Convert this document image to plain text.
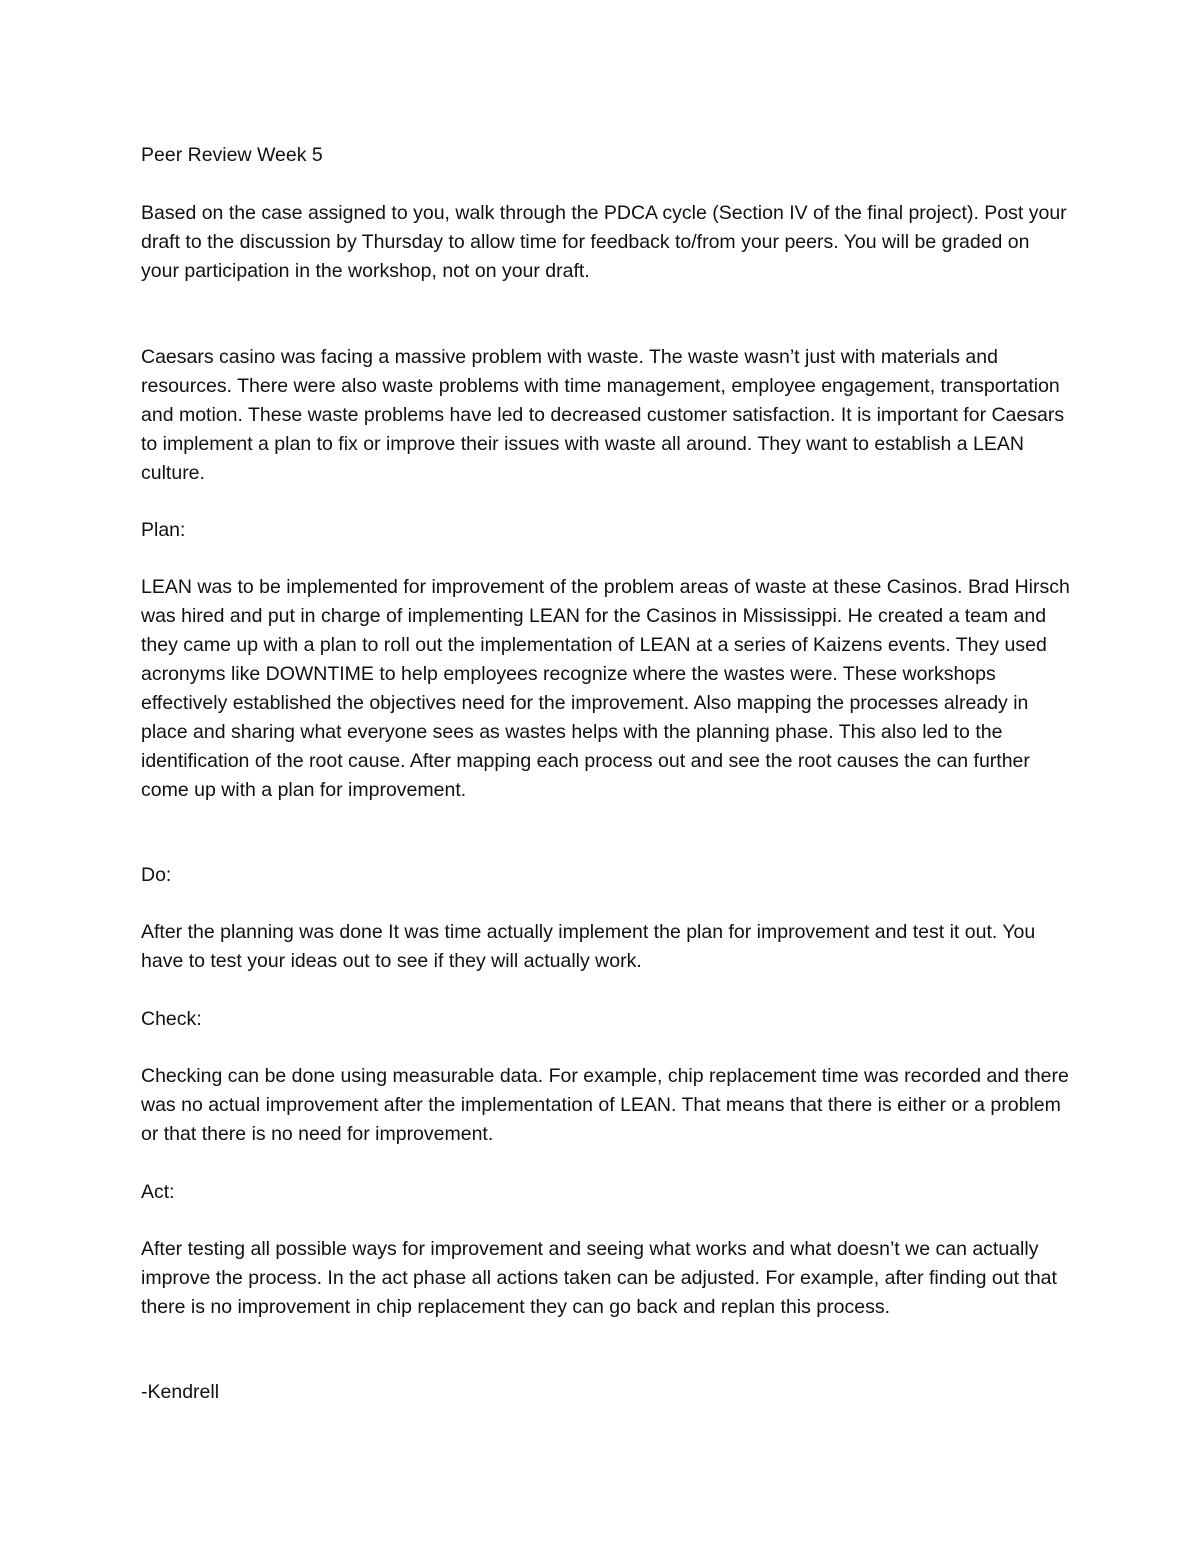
Peer Review Week 5

Based on the case assigned to you, walk through the PDCA cycle (Section IV of the final project). Post your draft to the discussion by Thursday to allow time for feedback to/from your peers. You will be graded on your participation in the workshop, not on your draft.

Caesars casino was facing a massive problem with waste. The waste wasn’t just with materials and resources. There were also waste problems with time management, employee engagement, transportation and motion. These waste problems have led to decreased customer satisfaction. It is important for Caesars to implement a plan to fix or improve their issues with waste all around. They want to establish a LEAN culture.

Plan:

LEAN was to be implemented for improvement of the problem areas of waste at these Casinos. Brad Hirsch was hired and put in charge of implementing LEAN for the Casinos in Mississippi. He created a team and they came up with a plan to roll out the implementation of LEAN at a series of Kaizens events. They used acronyms like DOWNTIME to help employees recognize where the wastes were. These workshops effectively established the objectives need for the improvement. Also mapping the processes already in place and sharing what everyone sees as wastes helps with the planning phase. This also led to the identification of the root cause. After mapping each process out and see the root causes the can further come up with a plan for improvement.

Do:

After the planning was done It was time actually implement the plan for improvement and test it out. You have to test your ideas out to see if they will actually work.

Check:

Checking can be done using measurable data. For example, chip replacement time was recorded and there was no actual improvement after the implementation of LEAN. That means that there is either or a problem or that there is no need for improvement.

Act:

After testing all possible ways for improvement and seeing what works and what doesn’t we can actually improve the process. In the act phase all actions taken can be adjusted. For example, after finding out that there is no improvement in chip replacement they can go back and replan this process.

-Kendrell
